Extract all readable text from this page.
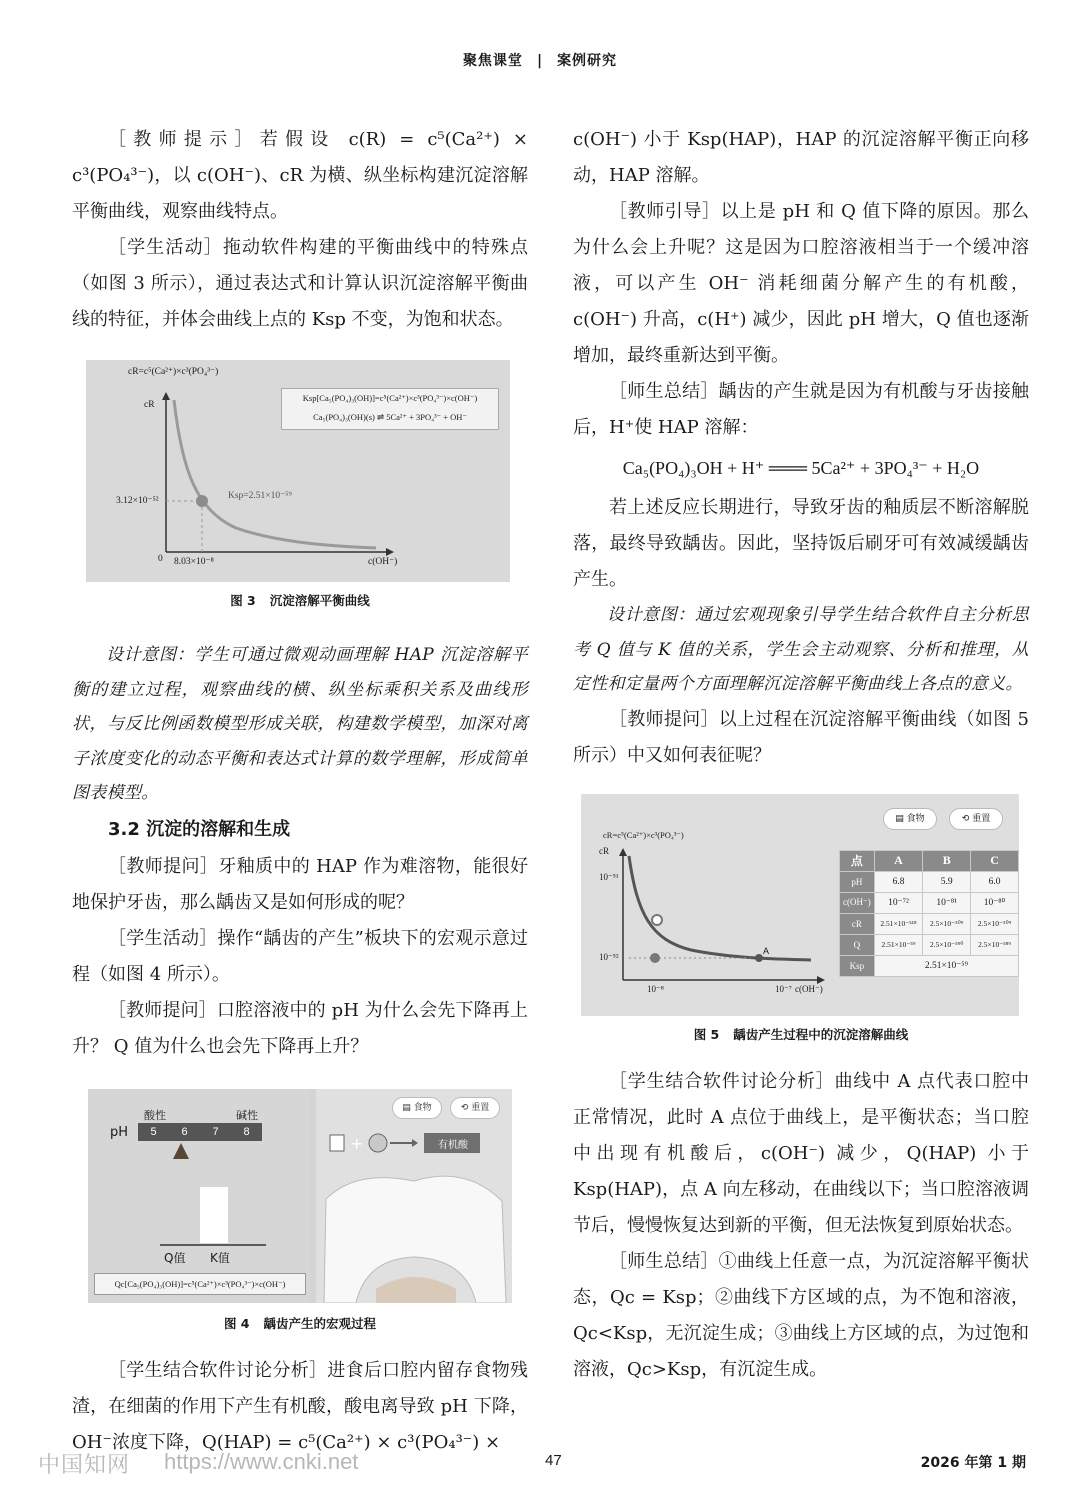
聚焦课堂 | 案例研究

［教师提示］若假设 c(R) = c⁵(Ca²⁺) × c³(PO₄³⁻)，以 c(OH⁻)、cR 为横、纵坐标构建沉淀溶解平衡曲线，观察曲线特点。

［学生活动］拖动软件构建的平衡曲线中的特殊点（如图 3 所示），通过表达式和计算认识沉淀溶解平衡曲线的特征，并体会曲线上点的 Ksp 不变，为饱和状态。

cR=c⁵(Ca²⁺)×c³(PO₄³⁻)
cR
Ksp[Ca₅(PO₄)₃(OH)]=c⁵(Ca²⁺)×c³(PO₄³⁻)×c(OH⁻)
Ca₅(PO₄)₃(OH)(s) ⇌ 5Ca²⁺ + 3PO₄³⁻ + OH⁻
Ksp=2.51×10⁻⁵⁹
3.12×10⁻⁵²
8.03×10⁻⁸
0	c(OH⁻)
图 3 沉淀溶解平衡曲线

设计意图：学生可通过微观动画理解 HAP 沉淀溶解平衡的建立过程，观察曲线的横、纵坐标乘积关系及曲线形状，与反比例函数模型形成关联，构建数学模型，加深对离子浓度变化的动态平衡和表达式计算的数学理解，形成简单图表模型。

3.2 沉淀的溶解和生成

［教师提问］牙釉质中的 HAP 作为难溶物，能很好地保护牙齿，那么龋齿又是如何形成的呢？

［学生活动］操作“龋齿的产生”板块下的宏观示意过程（如图 4 所示）。

［教师提问］口腔溶液中的 pH 为什么会先下降再上升？ Q 值为什么也会先下降再上升？

酸性	碱性
pH	5 6 7 8
Q值 K值
Qc[Ca₅(PO₄)₃(OH)]=c⁵(Ca²⁺)×c³(PO₄³⁻)×c(OH⁻)
▤ 食物	⟲ 重置
+	有机酸
图 4 龋齿产生的宏观过程

［学生结合软件讨论分析］进食后口腔内留存食物残渣，在细菌的作用下产生有机酸，酸电离导致 pH 下降，OH⁻浓度下降，Q(HAP) = c⁵(Ca²⁺) × c³(PO₄³⁻) ×

c(OH⁻) 小于 Ksp(HAP)，HAP 的沉淀溶解平衡正向移动，HAP 溶解。

［教师引导］以上是 pH 和 Q 值下降的原因。那么为什么会上升呢？这是因为口腔溶液相当于一个缓冲溶液，可以产生 OH⁻ 消耗细菌分解产生的有机酸，c(OH⁻) 升高，c(H⁺) 减少，因此 pH 增大，Q 值也逐渐增加，最终重新达到平衡。

［师生总结］龋齿的产生就是因为有机酸与牙齿接触后，H⁺使 HAP 溶解：

Ca₅(PO₄)₃OH + H⁺ ═══ 5Ca²⁺ + 3PO₄³⁻ + H₂O

若上述反应长期进行，导致牙齿的釉质层不断溶解脱落，最终导致龋齿。因此，坚持饭后刷牙可有效减缓龋齿产生。

设计意图：通过宏观现象引导学生结合软件自主分析思考 Q 值与 K 值的关系，学生会主动观察、分析和推理，从定性和定量两个方面理解沉淀溶解平衡曲线上各点的意义。

［教师提问］以上过程在沉淀溶解平衡曲线（如图 5 所示）中又如何表征呢？

▤ 食物	⟲ 重置
cR=c⁵(Ca²⁺)×c³(PO₄³⁻)
cR
10⁻⁵¹
10⁻⁵²
10⁻⁸	10⁻⁷ c(OH⁻)
A
点	A	B	C
pH	6.8	5.9	6.0
c(OH⁻)	10⁻⁷²	10⁻⁸¹	10⁻⁸⁰
cR	2.51×10⁻⁵¹⁸	2.5×10⁻⁵⁰⁹	2.5×10⁻⁵⁰⁹
Q	2.51×10⁻⁵⁹	2.5×10⁻⁵⁹⁰	2.5×10⁻⁵⁸⁹
Ksp	2.51×10⁻⁵⁹		
图 5 龋齿产生过程中的沉淀溶解曲线

［学生结合软件讨论分析］曲线中 A 点代表口腔中正常情况，此时 A 点位于曲线上，是平衡状态；当口腔中出现有机酸后，c(OH⁻) 减少，Q(HAP) 小于 Ksp(HAP)，点 A 向左移动，在曲线以下；当口腔溶液调节后，慢慢恢复达到新的平衡，但无法恢复到原始状态。

［师生总结］①曲线上任意一点，为沉淀溶解平衡状态，Qc = Ksp；②曲线下方区域的点，为不饱和溶液，Qc<Ksp，无沉淀生成；③曲线上方区域的点，为过饱和溶液，Qc>Ksp，有沉淀生成。

中国知网 https://www.cnki.net	47	2026 年第 1 期
